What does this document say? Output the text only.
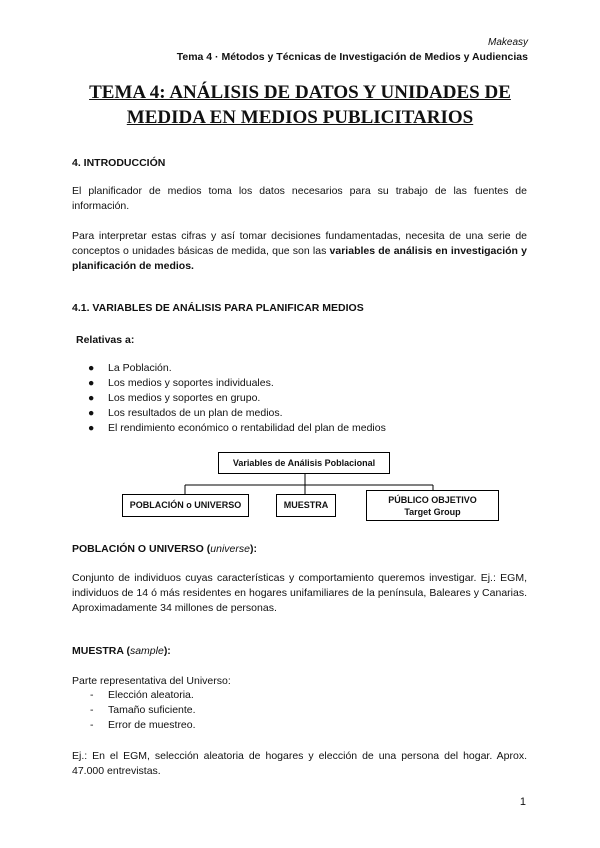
Makeasy
Tema 4 · Métodos y Técnicas de Investigación de Medios y Audiencias
TEMA 4: ANÁLISIS DE DATOS Y UNIDADES DE
MEDIDA EN MEDIOS PUBLICITARIOS
4. INTRODUCCIÓN
El planificador de medios toma los datos necesarios para su trabajo de las fuentes de información.
Para interpretar estas cifras y así tomar decisiones fundamentadas, necesita de una serie de conceptos o unidades básicas de medida, que son las variables de análisis en investigación y planificación de medios.
4.1. VARIABLES DE ANÁLISIS PARA PLANIFICAR MEDIOS
Relativas a:
● La Población.
● Los medios y soportes individuales.
● Los medios y soportes en grupo.
● Los resultados de un plan de medios.
● El rendimiento económico o rentabilidad del plan de medios
Variables de Análisis Poblacional
POBLACIÓN o UNIVERSO	MUESTRA	PÚBLICO OBJETIVO
Target Group
POBLACIÓN O UNIVERSO (universe):
Conjunto de individuos cuyas características y comportamiento queremos investigar. Ej.: EGM, individuos de 14 ó más residentes en hogares unifamiliares de la península, Baleares y Canarias. Aproximadamente 34 millones de personas.
MUESTRA (sample):
Parte representativa del Universo:
- Elección aleatoria.
- Tamaño suficiente.
- Error de muestreo.
Ej.: En el EGM, selección aleatoria de hogares y elección de una persona del hogar. Aprox. 47.000 entrevistas.
1
